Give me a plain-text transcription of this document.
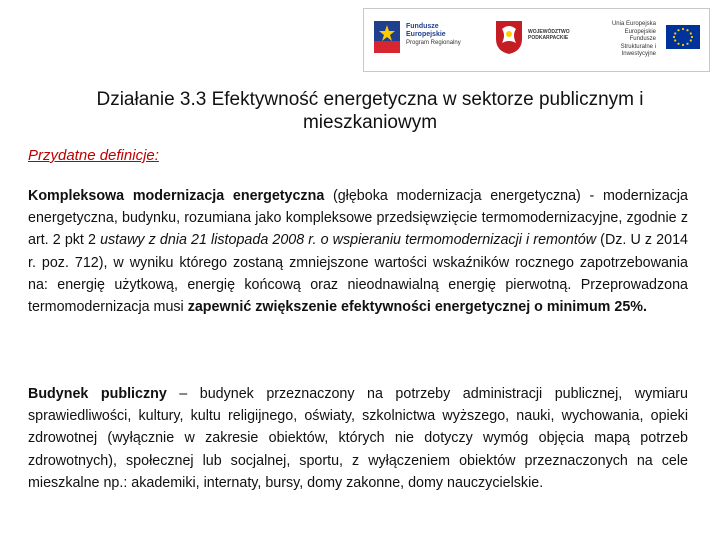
Fundusze
Europejskie
Program Regionalny
WOJEWÓDZTWO
PODKARPACKIE
Unia Europejska
Europejskie Fundusze
Strukturalne i Inwestycyjne
Działanie 3.3 Efektywność energetyczna w sektorze publicznym i mieszkaniowym
Przydatne definicje:
Kompleksowa modernizacja energetyczna (głęboka modernizacja energetyczna) - modernizacja energetyczna, budynku, rozumiana jako kompleksowe przedsięwzięcie termomodernizacyjne, zgodnie z art. 2 pkt 2 ustawy z dnia 21 listopada 2008 r. o wspieraniu termomodernizacji i remontów (Dz. U z 2014 r. poz. 712), w wyniku którego zostaną zmniejszone wartości wskaźników rocznego zapotrzebowania na: energię użytkową, energię końcową oraz nieodnawialną energię pierwotną. Przeprowadzona termomodernizacja musi zapewnić zwiększenie efektywności energetycznej o minimum 25%.
Budynek publiczny – budynek przeznaczony na potrzeby administracji publicznej, wymiaru sprawiedliwości, kultury, kultu religijnego, oświaty, szkolnictwa wyższego, nauki, wychowania, opieki zdrowotnej (wyłącznie w zakresie obiektów, których nie dotyczy wymóg objęcia mapą potrzeb zdrowotnych), społecznej lub socjalnej, sportu, z wyłączeniem obiektów przeznaczonych na cele mieszkalne np.: akademiki, internaty, bursy, domy zakonne, domy nauczycielskie.
